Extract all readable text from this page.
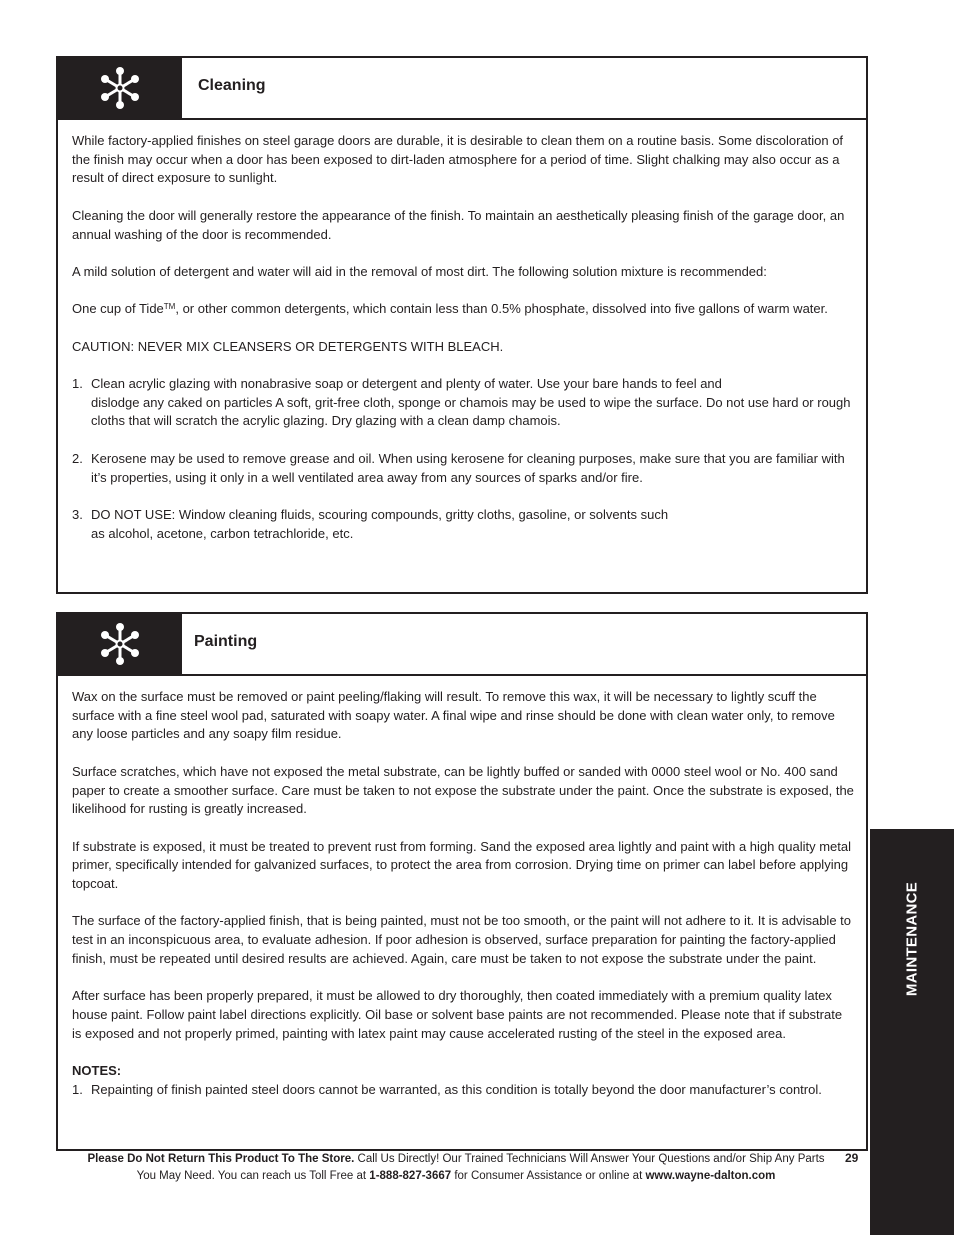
Cleaning

While factory-applied finishes on steel garage doors are durable, it is desirable to clean them on a routine basis. Some discoloration of the finish may occur when a door has been exposed to dirt-laden atmosphere for a period of time. Slight chalking may also occur as a result of direct exposure to sunlight.

Cleaning the door will generally restore the appearance of the finish. To maintain an aesthetically pleasing finish of the garage door, an annual washing of the door is recommended.

A mild solution of detergent and water will aid in the removal of most dirt. The following solution mixture is recommended:

One cup of Tide™, or other common detergents, which contain less than 0.5% phosphate, dissolved into five gallons of warm water.

CAUTION: NEVER MIX CLEANSERS OR DETERGENTS WITH BLEACH.

1. Clean acrylic glazing with nonabrasive soap or detergent and plenty of water. Use your bare hands to feel and
dislodge any caked on particles A soft, grit-free cloth, sponge or chamois may be used to wipe the surface. Do not use hard or rough cloths that will scratch the acrylic glazing. Dry glazing with a clean damp chamois.
2. Kerosene may be used to remove grease and oil. When using kerosene for cleaning purposes, make sure that you are familiar with it’s properties, using it only in a well ventilated area away from any sources of sparks and/or fire.
3. DO NOT USE: Window cleaning fluids, scouring compounds, gritty cloths, gasoline, or solvents such
as alcohol, acetone, carbon tetrachloride, etc.
Painting

Wax on the surface must be removed or paint peeling/flaking will result. To remove this wax, it will be necessary to lightly scuff the surface with a fine steel wool pad, saturated with soapy water. A final wipe and rinse should be done with clean water only, to remove any loose particles and any soapy film residue.

Surface scratches, which have not exposed the metal substrate, can be lightly buffed or sanded with 0000 steel wool or No. 400 sand paper to create a smoother surface. Care must be taken to not expose the substrate under the paint. Once the substrate is exposed, the likelihood for rusting is greatly increased.

If substrate is exposed, it must be treated to prevent rust from forming. Sand the exposed area lightly and paint with a high quality metal primer, specifically intended for galvanized surfaces, to protect the area from corrosion. Drying time on primer can label before applying topcoat.

The surface of the factory-applied finish, that is being painted, must not be too smooth, or the paint will not adhere to it. It is advisable to test in an inconspicuous area, to evaluate adhesion. If poor adhesion is observed, surface preparation for painting the factory-applied finish, must be repeated until desired results are achieved. Again, care must be taken to not expose the substrate under the paint.

After surface has been properly prepared, it must be allowed to dry thoroughly, then coated immediately with a premium quality latex house paint. Follow paint label directions explicitly. Oil base or solvent base paints are not recommended. Please note that if substrate is exposed and not properly primed, painting with latex paint may cause accelerated rusting of the steel in the exposed area.

NOTES:

1. Repainting of finish painted steel doors cannot be warranted, as this condition is totally beyond the door manufacturer’s control.
Please Do Not Return This Product To The Store. Call Us Directly! Our Trained Technicians Will Answer Your Questions and/or Ship Any Parts
You May Need. You can reach us Toll Free at 1-888-827-3667 for Consumer Assistance or online at www.wayne-dalton.com
29
MAINTENANCE
